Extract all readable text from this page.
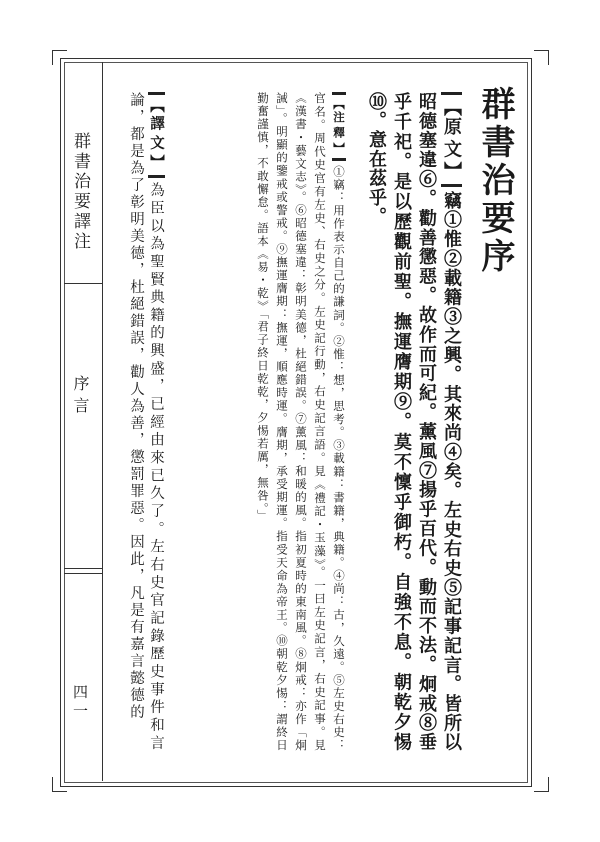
群書治要譯注
序言
四一
群書治要序
【原文】竊①惟②載籍③之興。其來尚④矣。左史右史⑤記事記言。皆所以昭德塞違⑥。勸善懲惡。故作而可紀。薰風⑦揚乎百代。動而不法。炯戒⑧垂乎千祀。是以歷觀前聖。撫運膺期⑨。莫不懍乎御朽。自強不息。朝乾夕惕⑩。意在茲乎。
【注釋】①竊：用作表示自己的謙詞。②惟：想，思考。③載籍：書籍，典籍。④尚：古，久遠。⑤左史右史：官名。周代史官有左史、右史之分。左史記行動，右史記言語。見《禮記・玉藻》。一曰左史記言，右史記事。見《漢書・藝文志》。⑥昭德塞違：彰明美德，杜絕錯誤。⑦薰風：和暖的風。指初夏時的東南風。⑧炯戒：亦作「炯誡」。明顯的鑒戒或警戒。⑨撫運膺期：撫運，順應時運。膺期，承受期運。指受天命為帝王。⑩朝乾夕惕：謂終日勤奮謹慎，不敢懈怠。語本《易・乾》「君子終日乾乾，夕惕若厲，無咎。」
【譯文】為臣以為聖賢典籍的興盛，已經由來已久了。左右史官記錄歷史事件和言論，都是為了彰明美德，杜絕錯誤，勸人為善，懲罰罪惡。因此，凡是有嘉言懿德的
